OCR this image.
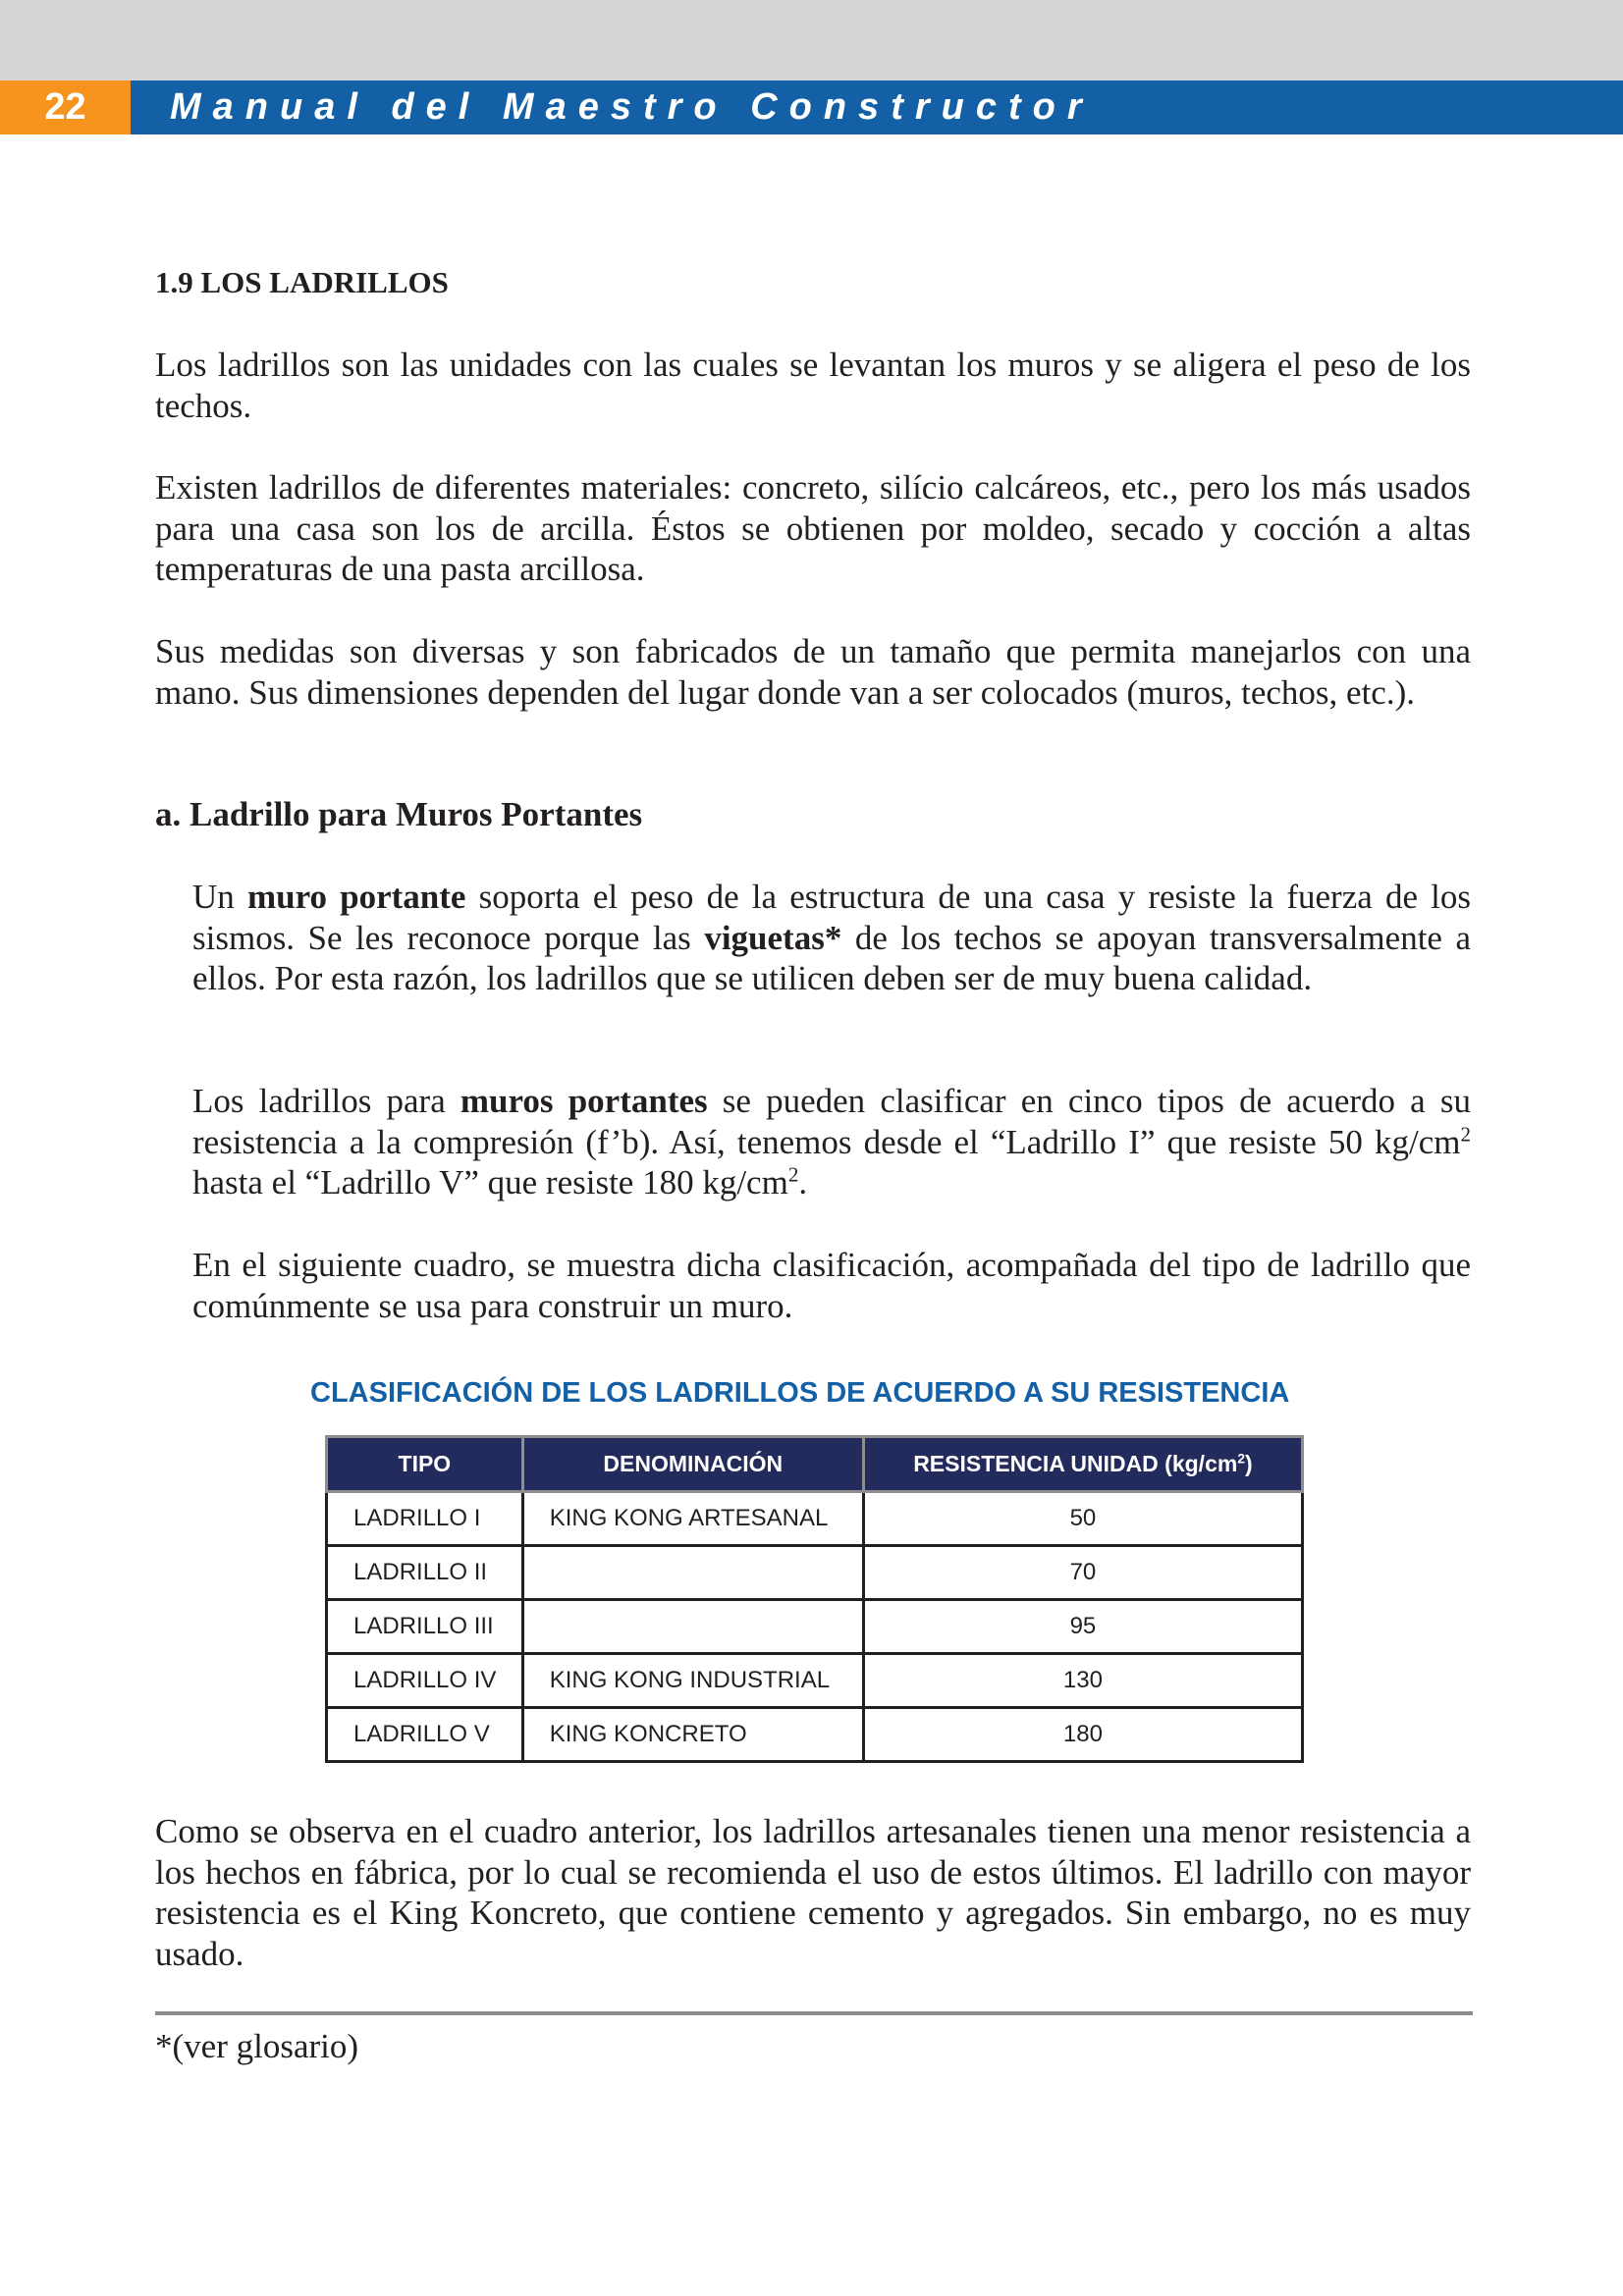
22	Manual del Maestro Constructor
1.9 LOS LADRILLOS

Los ladrillos son las unidades con las cuales se levantan los muros y se aligera el peso de los techos.

Existen ladrillos de diferentes materiales: concreto, silício calcáreos, etc., pero los más usados para una casa son los de arcilla. Éstos se obtienen por moldeo, secado y cocción a altas temperaturas de una pasta arcillosa.

Sus medidas son diversas y son fabricados de un tamaño que permita manejarlos con una mano. Sus dimensiones dependen del lugar donde van a ser colocados (muros, techos, etc.).

a. Ladrillo para Muros Portantes

Un muro portante soporta el peso de la estructura de una casa y resiste la fuerza de los sismos. Se les reconoce porque las viguetas* de los techos se apoyan transversalmente a ellos. Por esta razón, los ladrillos que se utilicen deben ser de muy buena calidad.

Los ladrillos para muros portantes se pueden clasificar en cinco tipos de acuerdo a su resistencia a la compresión (f’b). Así, tenemos desde el “Ladrillo I” que resiste 50 $kg/cm^2$ hasta el “Ladrillo V” que resiste 180 $kg/cm^2$.

En el siguiente cuadro, se muestra dicha clasificación, acompañada del tipo de ladrillo que comúnmente se usa para construir un muro.

CLASIFICACIÓN DE LOS LADRILLOS DE ACUERDO A SU RESISTENCIA
TIPO	DENOMINACIÓN	RESISTENCIA UNIDAD $(kg/cm^2)$
LADRILLO I	KING KONG ARTESANAL	50
LADRILLO II		70
LADRILLO III		95
LADRILLO IV	KING KONG INDUSTRIAL	130
LADRILLO V	KING KONCRETO	180

Como se observa en el cuadro anterior, los ladrillos artesanales tienen una menor resistencia a los hechos en fábrica, por lo cual se recomienda el uso de estos últimos. El ladrillo con mayor resistencia es el King Koncreto, que contiene cemento y agregados. Sin embargo, no es muy usado.

*(ver glosario)
